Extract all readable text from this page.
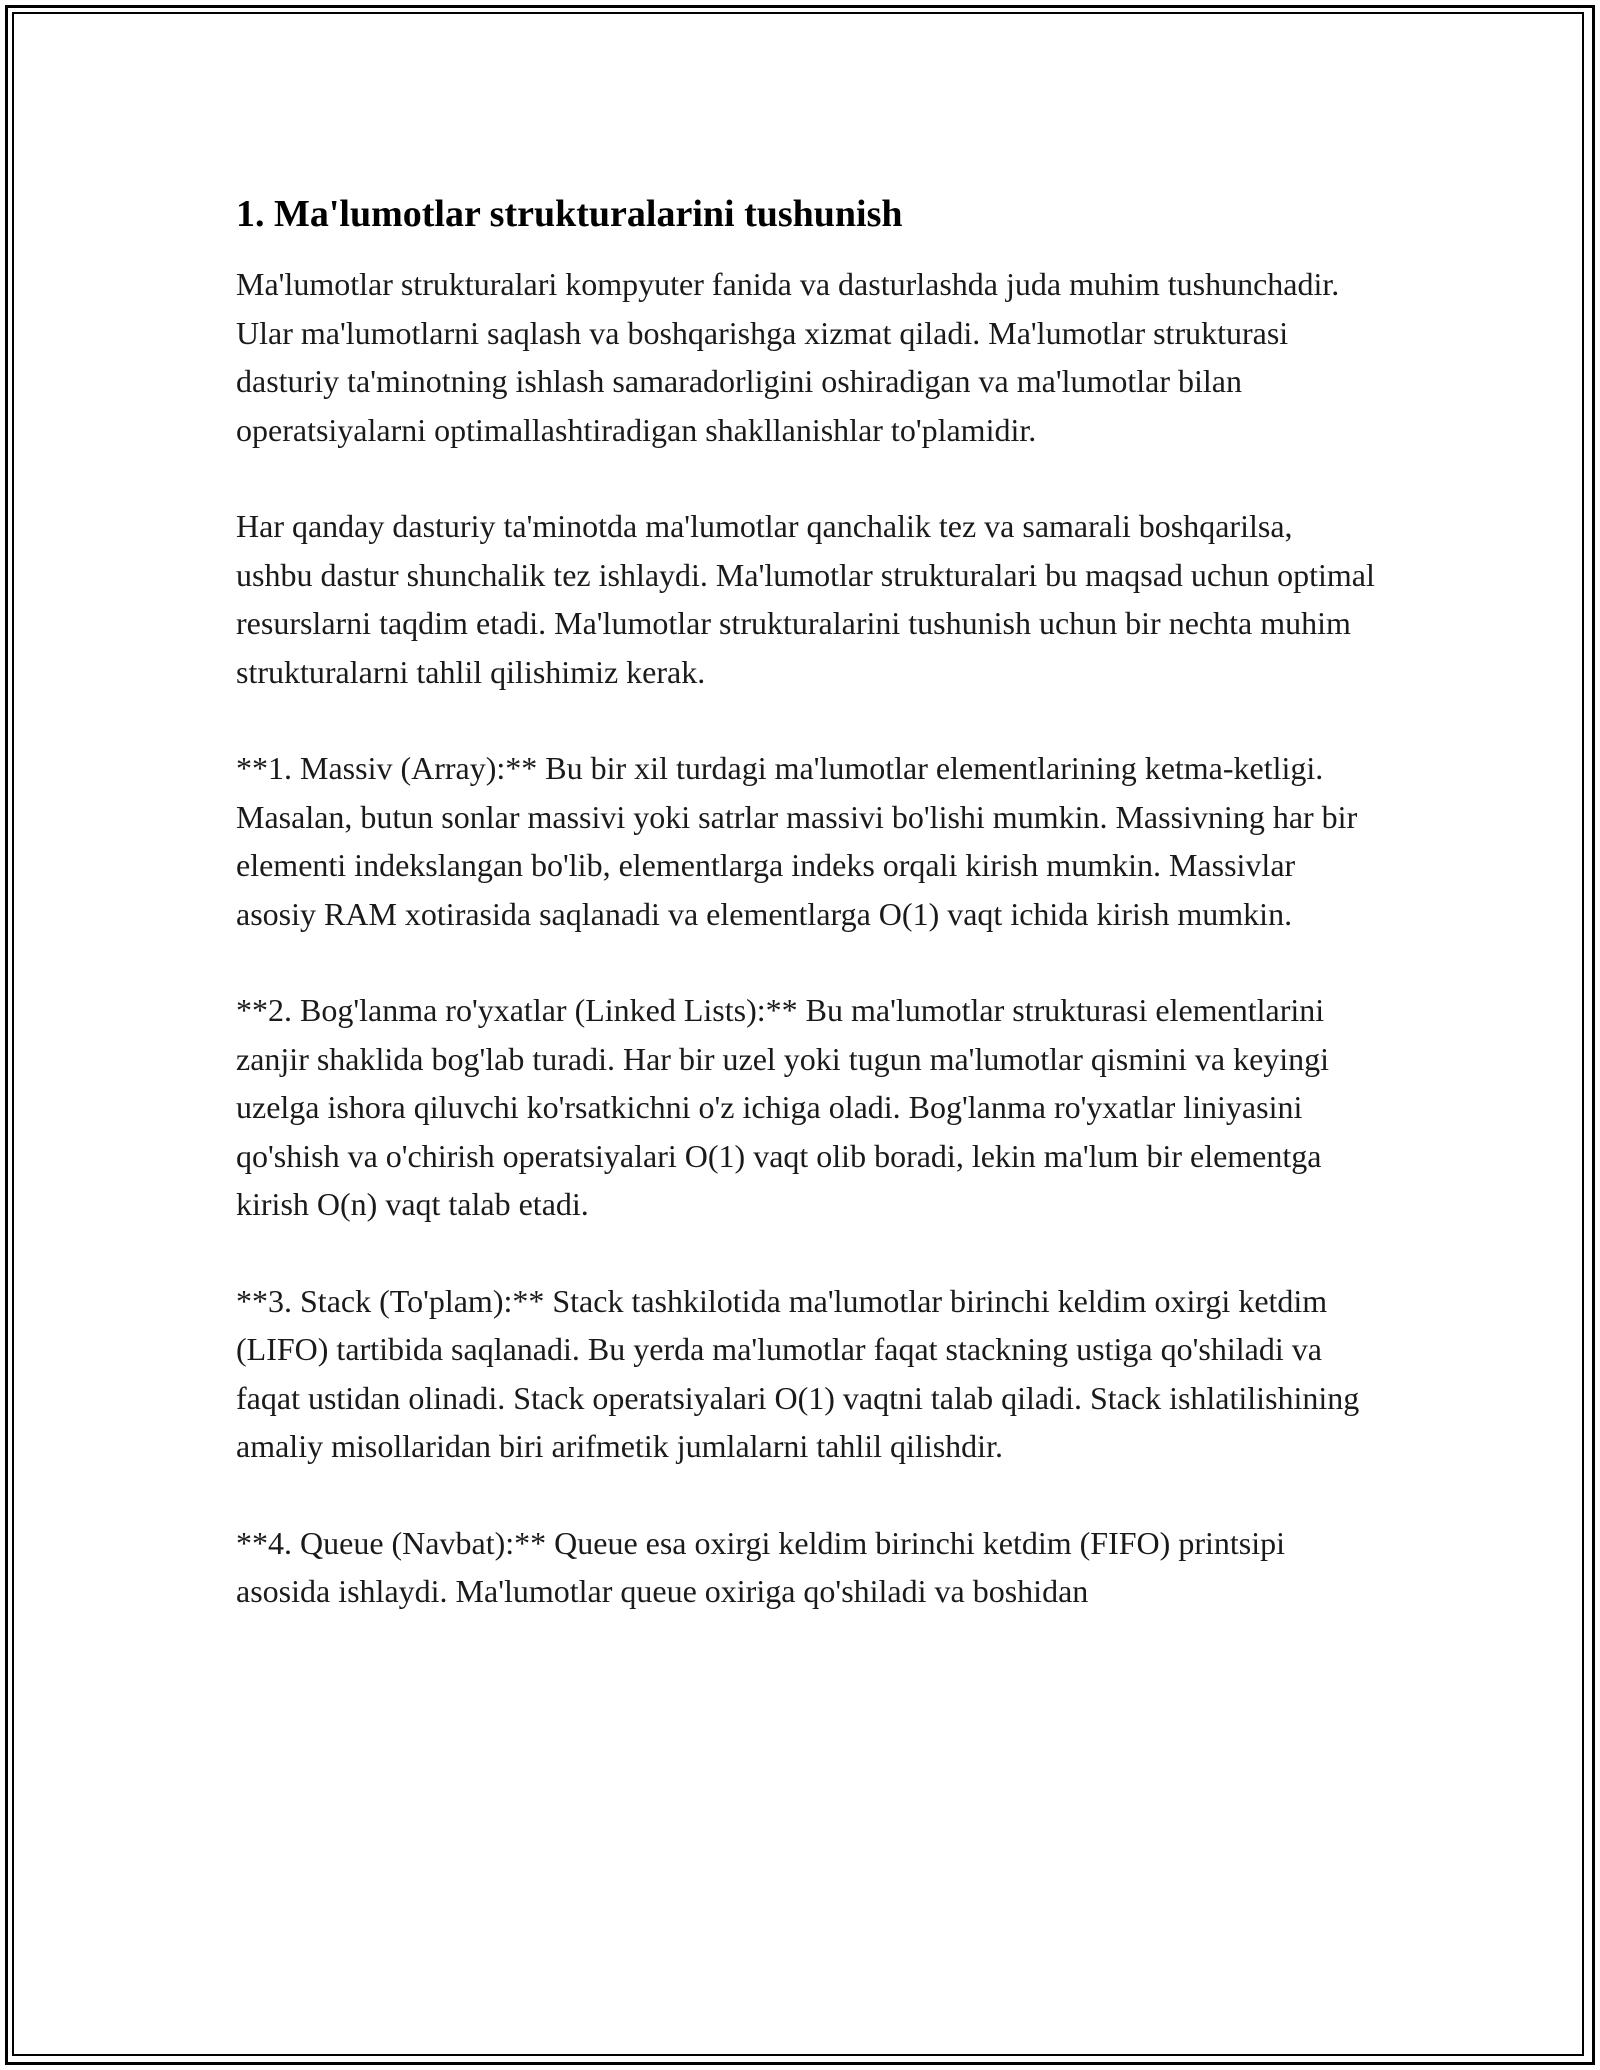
1. Ma'lumotlar strukturalarini tushunish

Ma'lumotlar strukturalari kompyuter fanida va dasturlashda juda muhim tushunchadir. Ular ma'lumotlarni saqlash va boshqarishga xizmat qiladi. Ma'lumotlar strukturasi dasturiy ta'minotning ishlash samaradorligini oshiradigan va ma'lumotlar bilan operatsiyalarni optimallashtiradigan shakllanishlar to'plamidir.

Har qanday dasturiy ta'minotda ma'lumotlar qanchalik tez va samarali boshqarilsa, ushbu dastur shunchalik tez ishlaydi. Ma'lumotlar strukturalari bu maqsad uchun optimal resurslarni taqdim etadi. Ma'lumotlar strukturalarini tushunish uchun bir nechta muhim strukturalarni tahlil qilishimiz kerak.

**1. Massiv (Array):** Bu bir xil turdagi ma'lumotlar elementlarining ketma-ketligi. Masalan, butun sonlar massivi yoki satrlar massivi bo'lishi mumkin. Massivning har bir elementi indekslangan bo'lib, elementlarga indeks orqali kirish mumkin. Massivlar asosiy RAM xotirasida saqlanadi va elementlarga O(1) vaqt ichida kirish mumkin.

**2. Bog'lanma ro'yxatlar (Linked Lists):** Bu ma'lumotlar strukturasi elementlarini zanjir shaklida bog'lab turadi. Har bir uzel yoki tugun ma'lumotlar qismini va keyingi uzelga ishora qiluvchi ko'rsatkichni o'z ichiga oladi. Bog'lanma ro'yxatlar liniyasini qo'shish va o'chirish operatsiyalari O(1) vaqt olib boradi, lekin ma'lum bir elementga kirish O(n) vaqt talab etadi.

**3. Stack (To'plam):** Stack tashkilotida ma'lumotlar birinchi keldim oxirgi ketdim (LIFO) tartibida saqlanadi. Bu yerda ma'lumotlar faqat stackning ustiga qo'shiladi va faqat ustidan olinadi. Stack operatsiyalari O(1) vaqtni talab qiladi. Stack ishlatilishining amaliy misollaridan biri arifmetik jumlalarni tahlil qilishdir.

**4. Queue (Navbat):** Queue esa oxirgi keldim birinchi ketdim (FIFO) printsipi asosida ishlaydi. Ma'lumotlar queue oxiriga qo'shiladi va boshidan
